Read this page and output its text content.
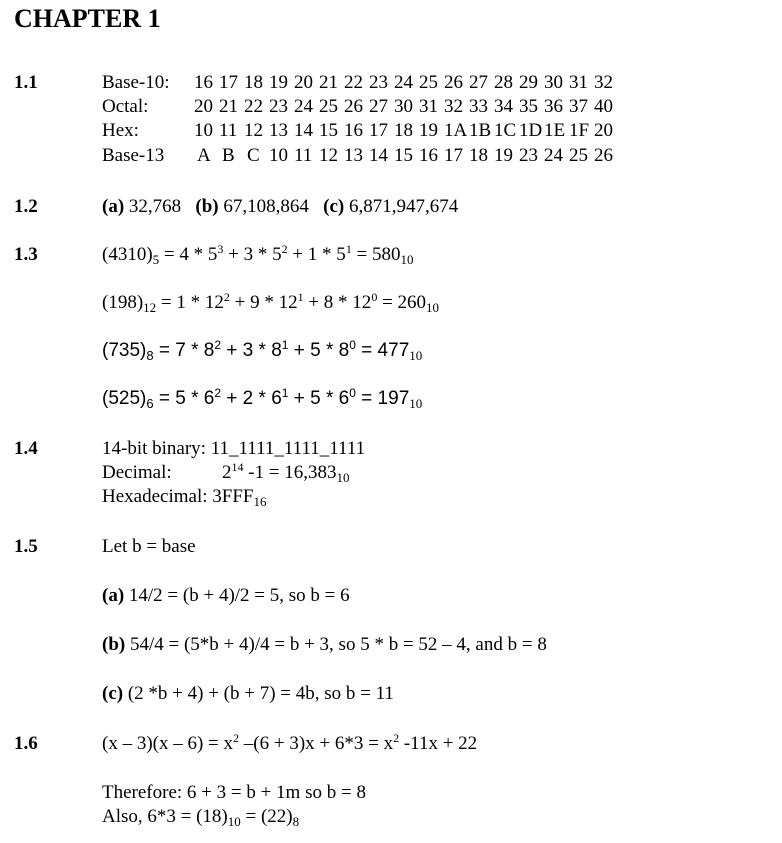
CHAPTER 1
1.1	Base-10: 16 17 18 19 20 21 22 23 24 25 26 27 28 29 30 31 32
Octal: 20 21 22 23 24 25 26 27 30 31 32 33 34 35 36 37 40
Hex:	10 11 12 13 14 15 16 17 18 19 1A 1B 1C 1D 1E 1F 20
Base-13 A B C 10 11 12 13 14 15 16 17 18 19 23 24 25 26
1.2	(a) 32,768 (b) 67,108,864 (c) 6,871,947,674
1.3	$(4310)_5 = 4 * 5^3 + 3 * 5^2 + 1 * 5^1 = 580_{10}$
$(198)_{12} = 1 * 12^2 + 9 * 12^1 + 8 * 12^0 = 260_{10}$
$(735)_8 = 7 * 8^2 + 3 * 8^1 + 5 * 8^0 = 477_{10}$
$(525)_6 = 5 * 6^2 + 2 * 6^1 + 5 * 6^0 = 197_{10}$
1.4	14-bit binary: 11_1111_1111_1111
Decimal:	$2^{14}$ $-1 = 16,383_{10}$
Hexadecimal: $3FFF_{16}$
1.5	Let b = base
(a) 14/2 = (b + 4)/2 = 5, so b = 6
(b) 54/4 = (5*b + 4)/4 = b + 3, so 5 * b = 52 – 4, and b = 8
(c) (2 *b + 4) + (b + 7) = 4b, so b = 11
1.6	$(x - 3)(x - 6) = x^2$ $-(6 + 3)x + 6*3 = x^2$ -11x + 22
Therefore: 6 + 3 = b + 1m so b = 8
Also, $6*3 = (18)_{10} = (22)_8$
